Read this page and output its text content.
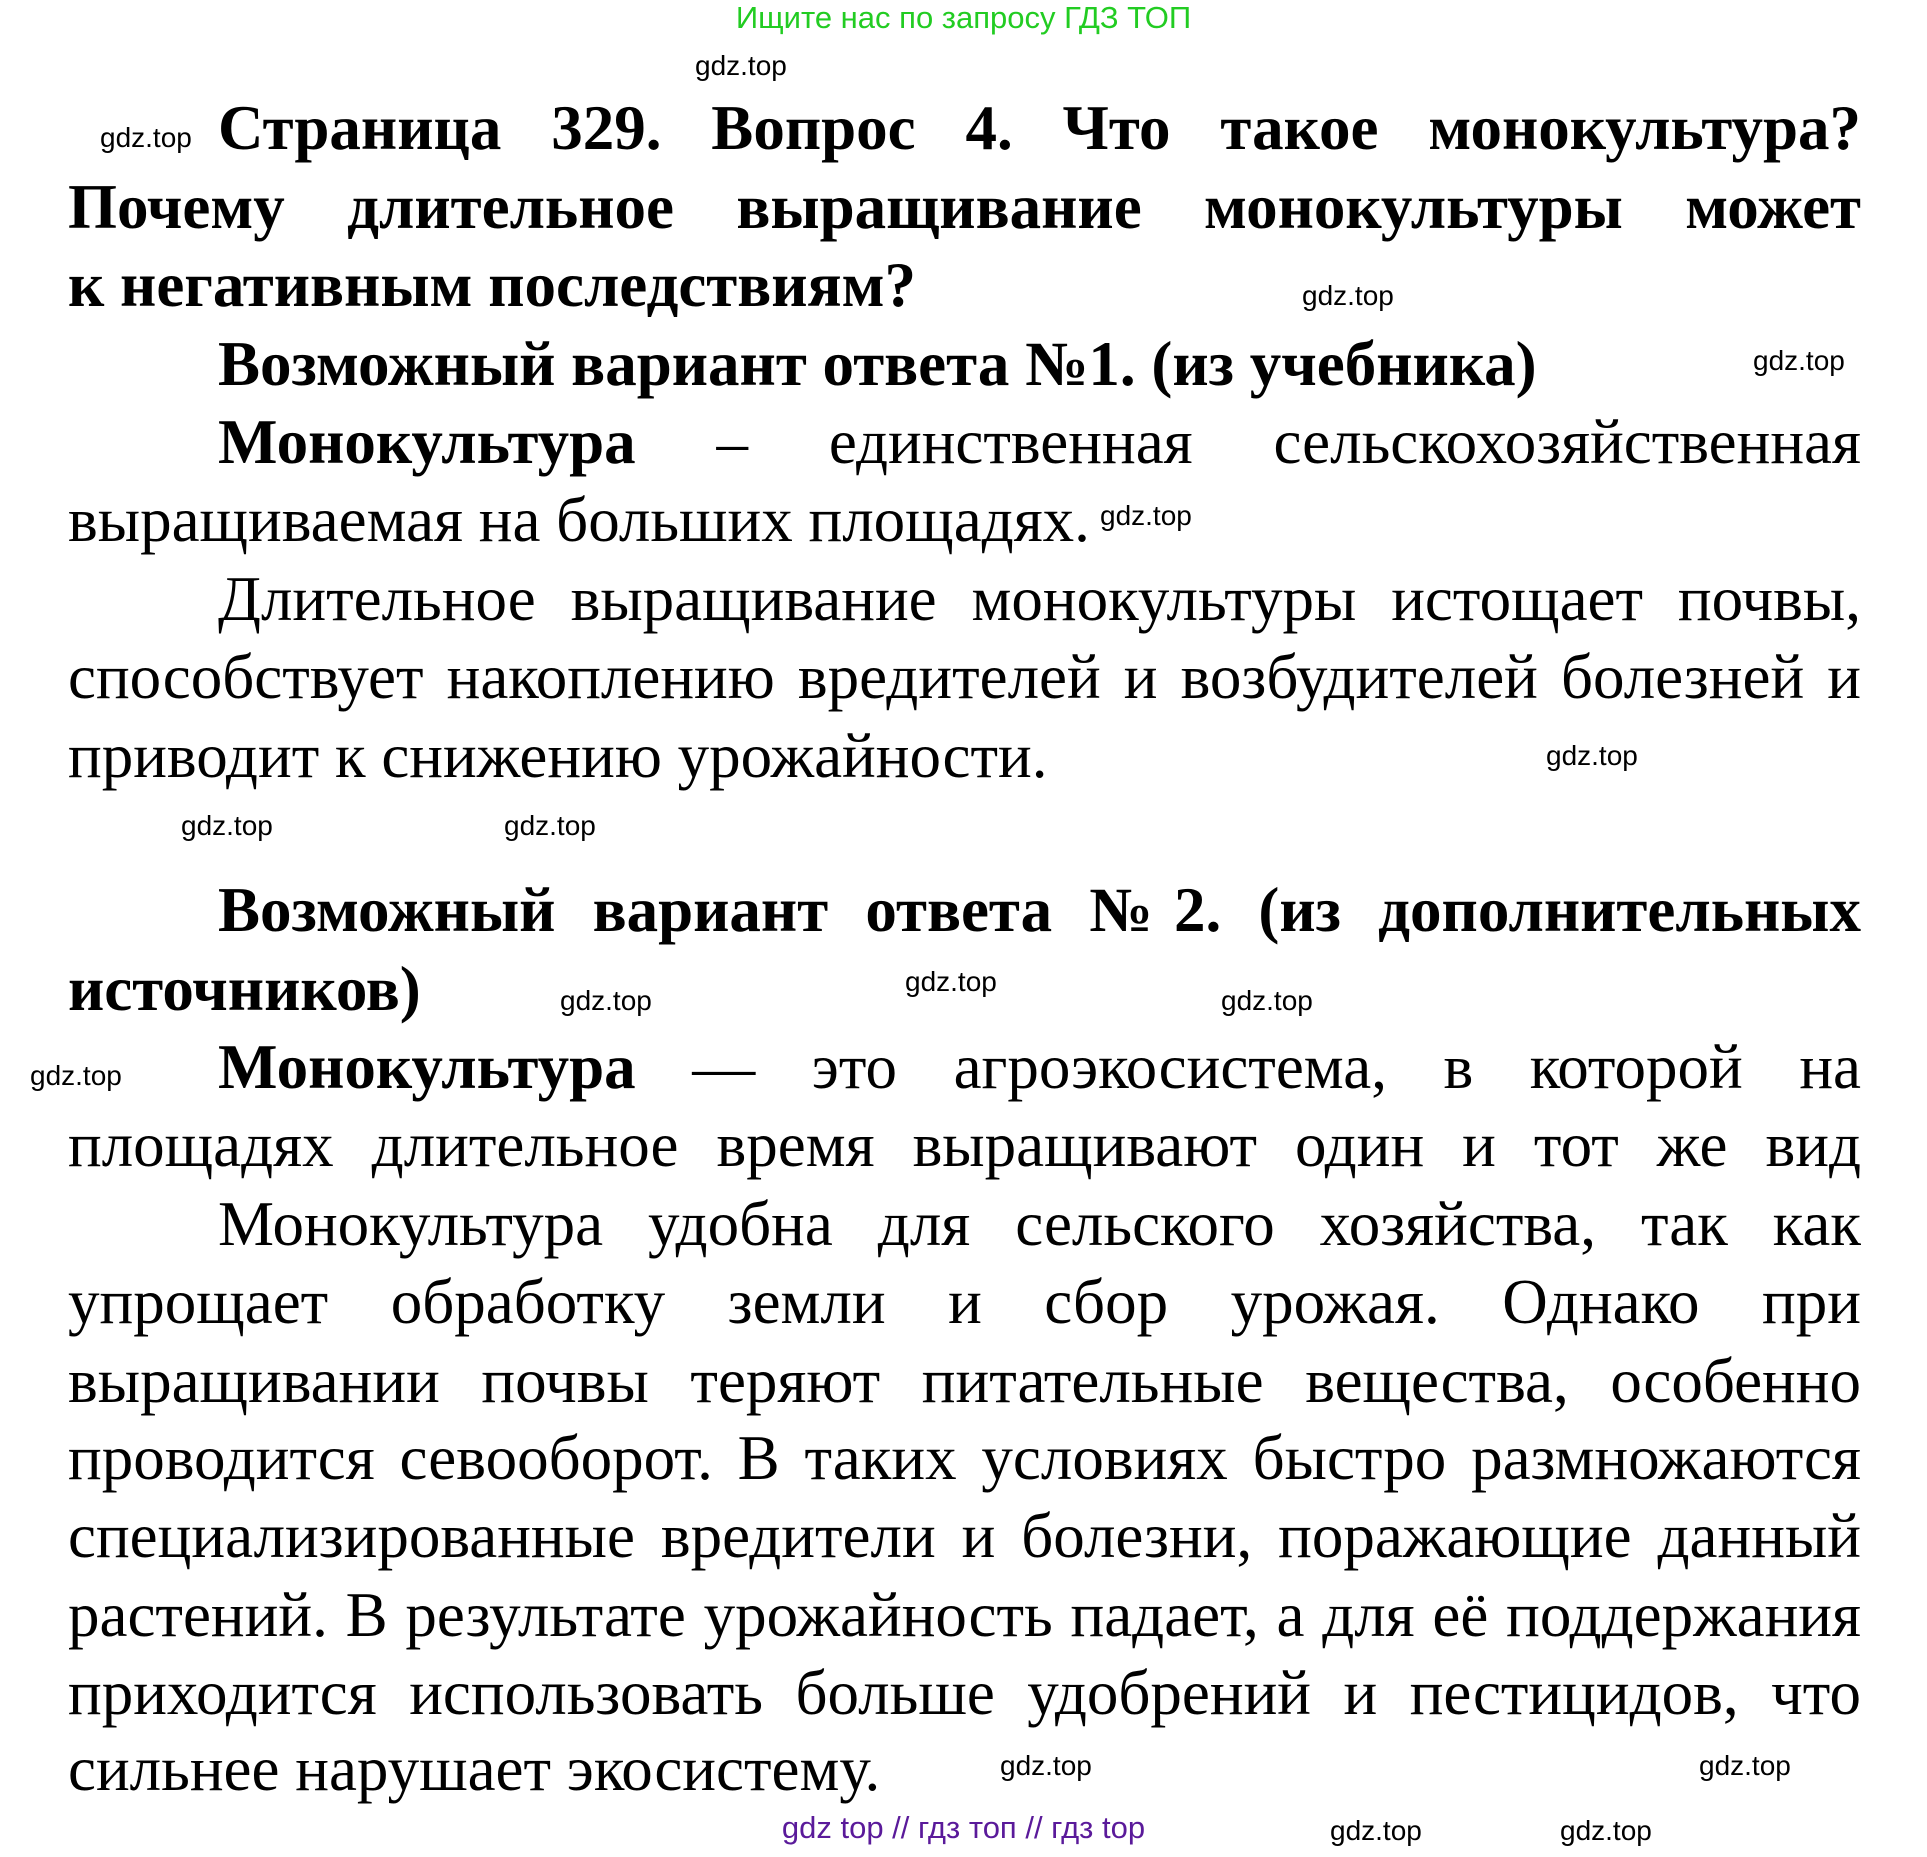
Ищите нас по запросу ГДЗ ТОП
Страница 329. Вопрос 4. Что такое монокультура?
Почему длительное выращивание монокультуры может
к негативным последствиям?
Возможный вариант ответа №1. (из учебника)
Монокультура – единственная сельскохозяйственная
выращиваемая на больших площадях.
Длительное выращивание монокультуры истощает почвы,
способствует накоплению вредителей и возбудителей болезней и
приводит к снижению урожайности.
Возможный вариант ответа №2. (из дополнительных
источников)
Монокультура — это агроэкосистема, в которой на
площадях длительное время выращивают один и тот же вид
Монокультура удобна для сельского хозяйства, так как
упрощает обработку земли и сбор урожая. Однако при
выращивании почвы теряют питательные вещества, особенно
проводится севооборот. В таких условиях быстро размножаются
специализированные вредители и болезни, поражающие данный
растений. В результате урожайность падает, а для её поддержания
приходится использовать больше удобрений и пестицидов, что
сильнее нарушает экосистему.
gdz.top
gdz.top
gdz.top
gdz.top
gdz.top
gdz.top
gdz.top
gdz.top
gdz.top
gdz.top
gdz.top
gdz.top
gdz.top
gdz.top
gdz.top
gdz.top
gdz top // гдз топ // гдз top
